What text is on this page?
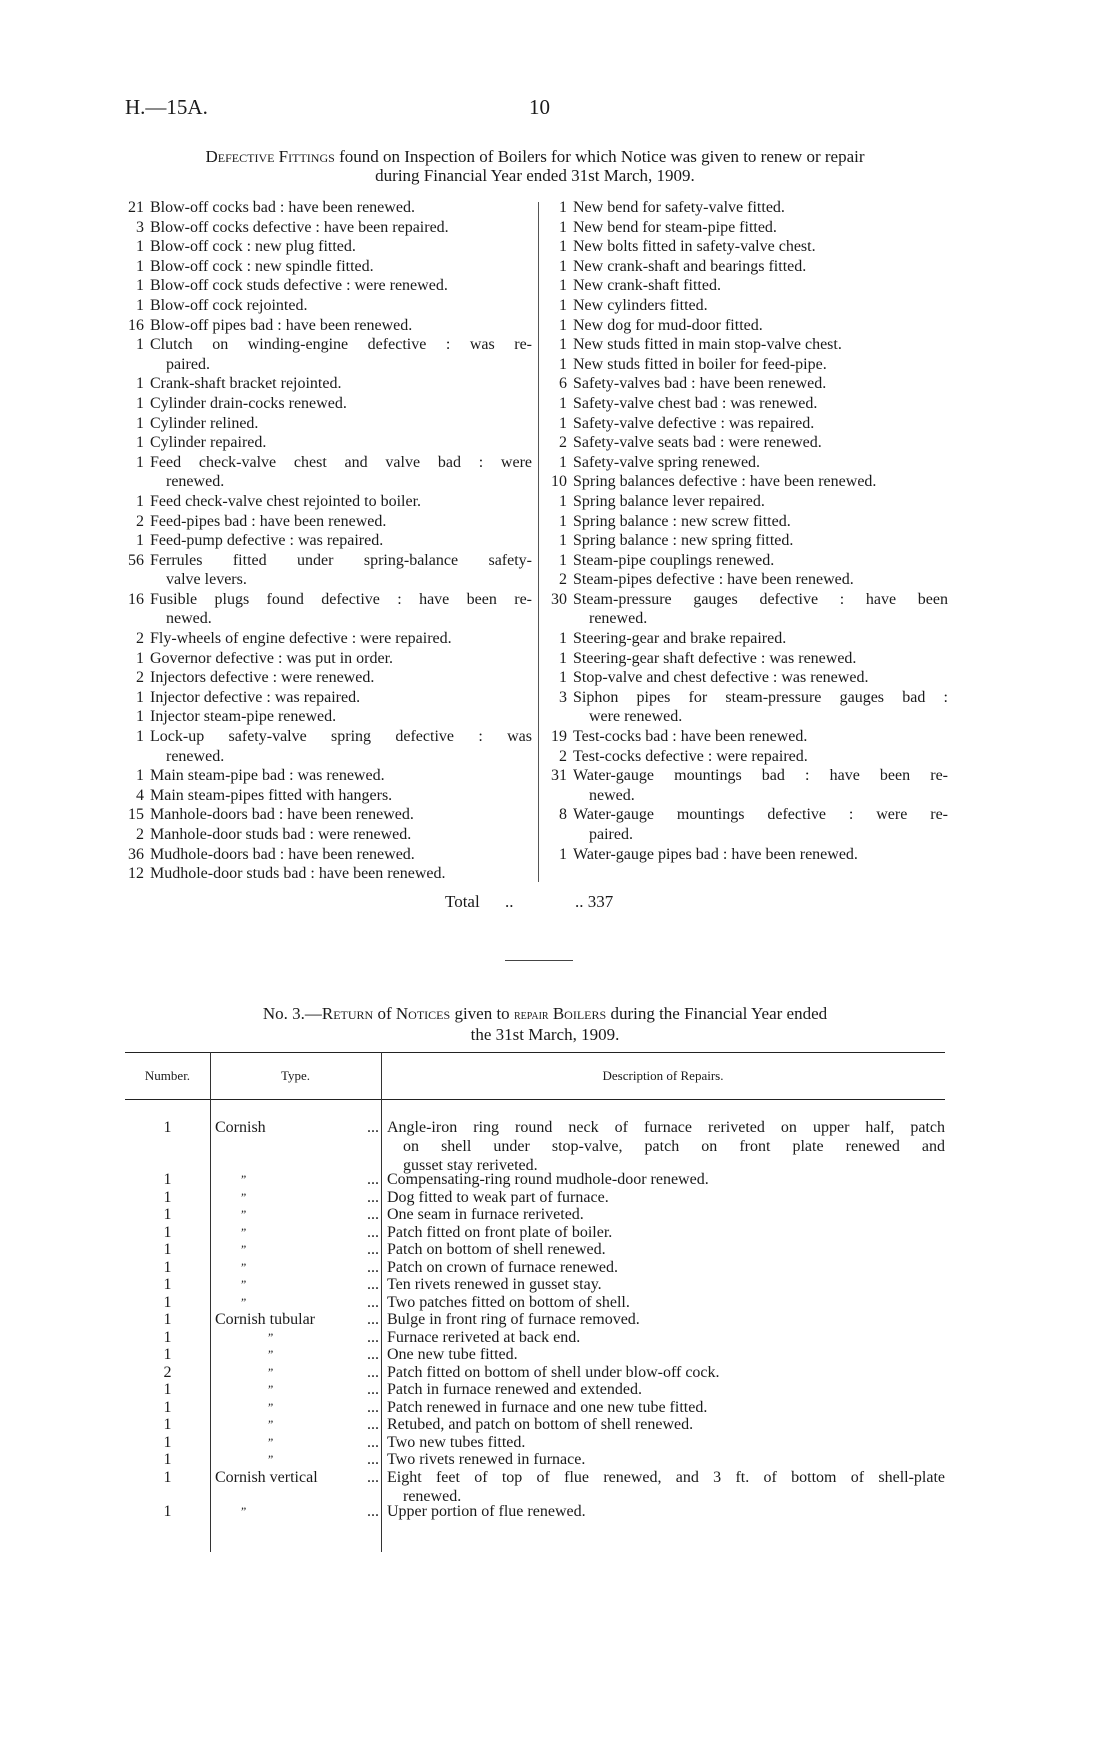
H.—15A.	10
Defective Fittings found on Inspection of Boilers for which Notice was given to renew or repair
during Financial Year ended 31st March, 1909.
21 Blow-off cocks bad : have been renewed.
3 Blow-off cocks defective : have been repaired.
1 Blow-off cock : new plug fitted.
1 Blow-off cock : new spindle fitted.
1 Blow-off cock studs defective : were renewed.
1 Blow-off cock rejointed.
16 Blow-off pipes bad : have been renewed.
1 Clutch on winding-engine defective : was re-
paired.
1 Crank-shaft bracket rejointed.
1 Cylinder drain-cocks renewed.
1 Cylinder relined.
1 Cylinder repaired.
1 Feed check-valve chest and valve bad : were
renewed.
1 Feed check-valve chest rejointed to boiler.
2 Feed-pipes bad : have been renewed.
1 Feed-pump defective : was repaired.
56 Ferrules fitted under spring-balance safety-
valve levers.
16 Fusible plugs found defective : have been re-
newed.
2 Fly-wheels of engine defective : were repaired.
1 Governor defective : was put in order.
2 Injectors defective : were renewed.
1 Injector defective : was repaired.
1 Injector steam-pipe renewed.
1 Lock-up safety-valve spring defective : was
renewed.
1 Main steam-pipe bad : was renewed.
4 Main steam-pipes fitted with hangers.
15 Manhole-doors bad : have been renewed.
2 Manhole-door studs bad : were renewed.
36 Mudhole-doors bad : have been renewed.
12 Mudhole-door studs bad : have been renewed.
1 New bend for safety-valve fitted.
1 New bend for steam-pipe fitted.
1 New bolts fitted in safety-valve chest.
1 New crank-shaft and bearings fitted.
1 New crank-shaft fitted.
1 New cylinders fitted.
1 New dog for mud-door fitted.
1 New studs fitted in main stop-valve chest.
1 New studs fitted in boiler for feed-pipe.
6 Safety-valves bad : have been renewed.
1 Safety-valve chest bad : was renewed.
1 Safety-valve defective : was repaired.
2 Safety-valve seats bad : were renewed.
1 Safety-valve spring renewed.
10 Spring balances defective : have been renewed.
1 Spring balance lever repaired.
1 Spring balance : new screw fitted.
1 Spring balance : new spring fitted.
1 Steam-pipe couplings renewed.
2 Steam-pipes defective : have been renewed.
30 Steam-pressure gauges defective : have been
renewed.
1 Steering-gear and brake repaired.
1 Steering-gear shaft defective : was renewed.
1 Stop-valve and chest defective : was renewed.
3 Siphon pipes for steam-pressure gauges bad :
were renewed.
19 Test-cocks bad : have been renewed.
2 Test-cocks defective : were repaired.
31 Water-gauge mountings bad : have been re-
newed.
8 Water-gauge mountings defective : were re-
paired.
1 Water-gauge pipes bad : have been renewed.
Total ..	.. 337
No. 3.—Return of Notices given to repair Boilers during the Financial Year ended
the 31st March, 1909.
Number.	Type.	Description of Repairs.
1	Cornish	... Angle-iron ring round neck of furnace reriveted on upper half, patch
on shell under stop-valve, patch on front plate renewed and
gusset stay reriveted.
1	”	... Compensating-ring round mudhole-door renewed.
1	”	... Dog fitted to weak part of furnace.
1	”	... One seam in furnace reriveted.
1	”	... Patch fitted on front plate of boiler.
1	”	... Patch on bottom of shell renewed.
1	”	... Patch on crown of furnace renewed.
1	”	... Ten rivets renewed in gusset stay.
1	”	... Two patches fitted on bottom of shell.
1	Cornish tubular	... Bulge in front ring of furnace removed.
1	”	... Furnace reriveted at back end.
1	”	... One new tube fitted.
2	”	... Patch fitted on bottom of shell under blow-off cock.
1	”	... Patch in furnace renewed and extended.
1	”	... Patch renewed in furnace and one new tube fitted.
1	”	... Retubed, and patch on bottom of shell renewed.
1	”	... Two new tubes fitted.
1	”	... Two rivets renewed in furnace.
1	Cornish vertical	... Eight feet of top of flue renewed, and 3 ft. of bottom of shell-plate
renewed.
1	”	... Upper portion of flue renewed.
